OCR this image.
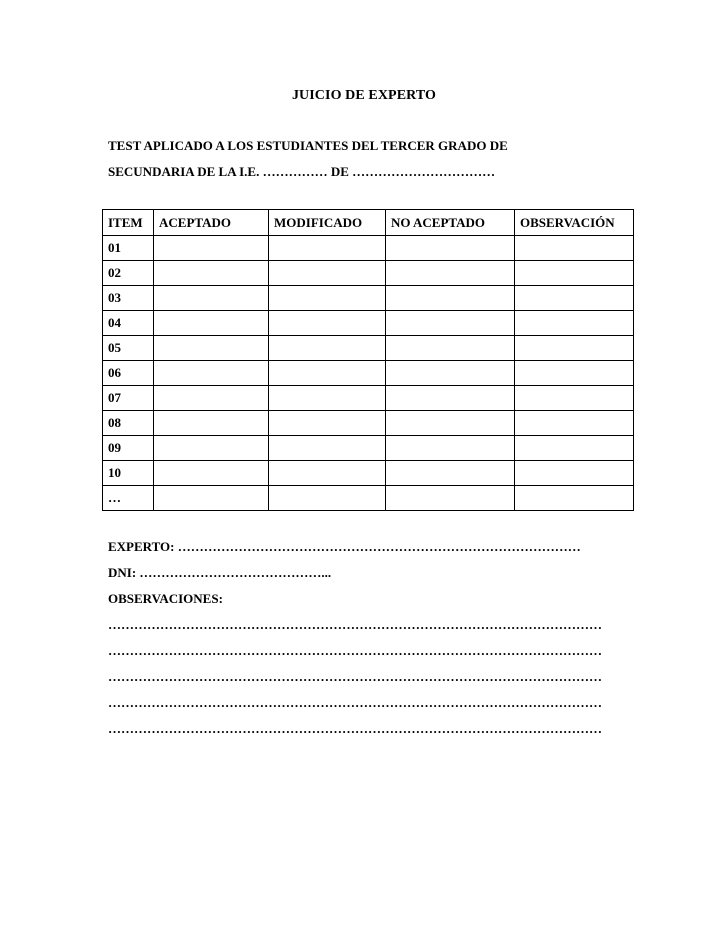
JUICIO DE EXPERTO
TEST APLICADO A LOS ESTUDIANTES DEL TERCER GRADO DE
SECUNDARIA DE LA I.E. …………… DE ……………………………
ITEM	ACEPTADO	MODIFICADO	NO ACEPTADO	OBSERVACIÓN
01				
02				
03				
04				
05				
06				
07				
08				
09				
10				
…				
EXPERTO: …………………………………………………………………………………
DNI: ……………………………………...
OBSERVACIONES:
……………………………………………………………………………………………………
……………………………………………………………………………………………………
……………………………………………………………………………………………………
……………………………………………………………………………………………………
……………………………………………………………………………………………………
